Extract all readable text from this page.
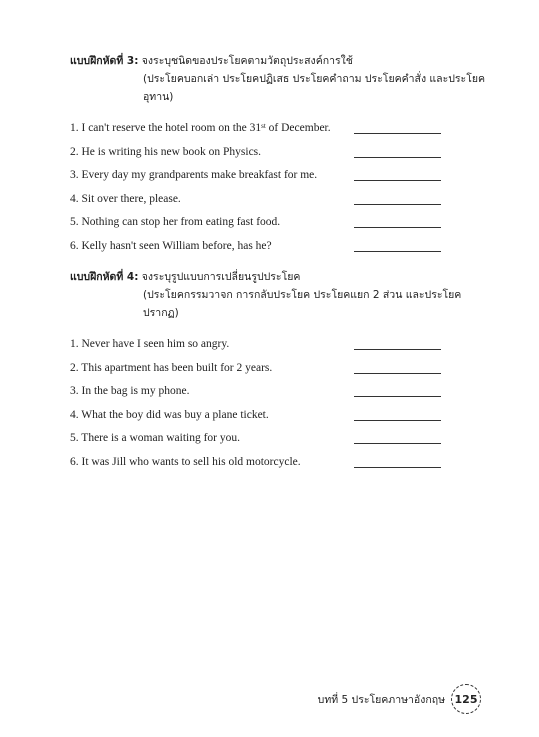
แบบฝึกหัดที่ 3: จงระบุชนิดของประโยคตามวัตถุประสงค์การใช้
(ประโยคบอกเล่า ประโยคปฏิเสธ ประโยคคำถาม ประโยคคำสั่ง และประโยคอุทาน)
1. I can't reserve the hotel room on the 31st of December.
2. He is writing his new book on Physics.
3. Every day my grandparents make breakfast for me.
4. Sit over there, please.
5. Nothing can stop her from eating fast food.
6. Kelly hasn't seen William before, has he?
แบบฝึกหัดที่ 4: จงระบุรูปแบบการเปลี่ยนรูปประโยค
(ประโยคกรรมวาจก การกลับประโยค ประโยคแยก 2 ส่วน และประโยคปรากฏ)
1. Never have I seen him so angry.
2. This apartment has been built for 2 years.
3. In the bag is my phone.
4. What the boy did was buy a plane ticket.
5. There is a woman waiting for you.
6. It was Jill who wants to sell his old motorcycle.
บทที่ 5 ประโยคภาษาอังกฤษ 125
